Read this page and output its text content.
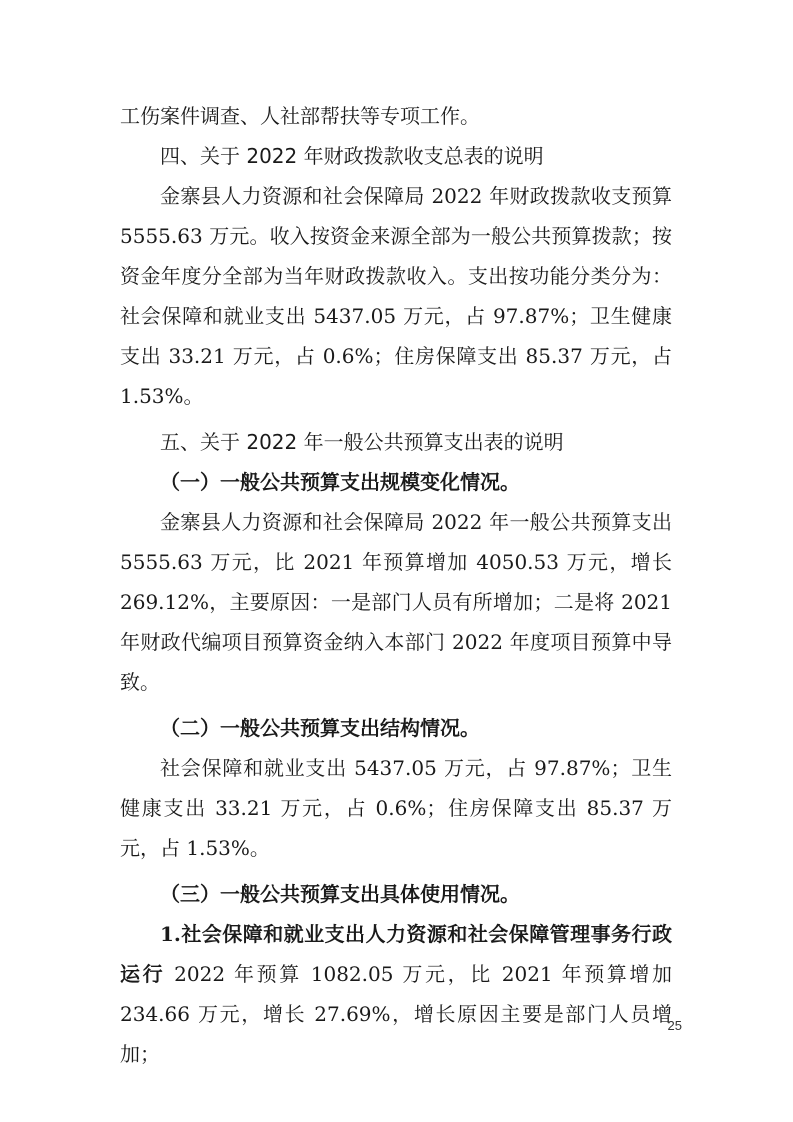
工伤案件调查、人社部帮扶等专项工作。

四、关于 2022 年财政拨款收支总表的说明

金寨县人力资源和社会保障局 2022 年财政拨款收支预算 5555.63 万元。收入按资金来源全部为一般公共预算拨款；按资金年度分全部为当年财政拨款收入。支出按功能分类分为：社会保障和就业支出 5437.05 万元，占 97.87%；卫生健康支出 33.21 万元，占 0.6%；住房保障支出 85.37 万元，占 1.53%。

五、关于 2022 年一般公共预算支出表的说明

（一）一般公共预算支出规模变化情况。

金寨县人力资源和社会保障局 2022 年一般公共预算支出 5555.63 万元，比 2021 年预算增加 4050.53 万元，增长 269.12%，主要原因：一是部门人员有所增加；二是将 2021 年财政代编项目预算资金纳入本部门 2022 年度项目预算中导致。

（二）一般公共预算支出结构情况。

社会保障和就业支出 5437.05 万元，占 97.87%；卫生健康支出 33.21 万元，占 0.6%；住房保障支出 85.37 万元，占 1.53%。

（三）一般公共预算支出具体使用情况。

1.社会保障和就业支出人力资源和社会保障管理事务行政运行 2022 年预算 1082.05 万元，比 2021 年预算增加 234.66 万元，增长 27.69%，增长原因主要是部门人员增加；

25
